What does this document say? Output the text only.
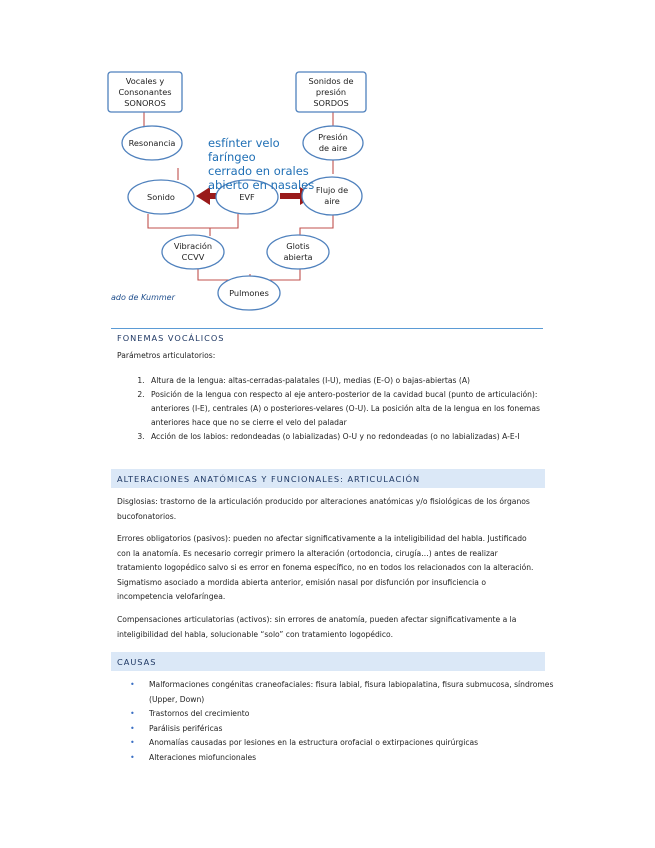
Vocales y
Consonantes
SONOROS
Sonidos de
presión
SORDOS
Resonancia
Presión
de aire
Sonido	EVF
Flujo de
aire
Vibración
CCVV
Glotis
abierta
Pulmones
esfínter velo
faríngeo
cerrado en orales
abierto en nasales
ado de Kummer
FONEMAS VOCÁLICOS
Parámetros articulatorios:
1. Altura de la lengua: altas-cerradas-palatales (I-U), medias (E-O) o bajas-abiertas (A)
2. Posición de la lengua con respecto al eje antero-posterior de la cavidad bucal (punto de articulación): anteriores (I-E), centrales (A) o posteriores-velares (O-U). La posición alta de la lengua en los fonemas anteriores hace que no se cierre el velo del paladar
3. Acción de los labios: redondeadas (o labializadas) O-U y no redondeadas (o no labializadas) A-E-I
ALTERACIONES ANATÓMICAS Y FUNCIONALES: ARTICULACIÓN
Disglosias: trastorno de la articulación producido por alteraciones anatómicas y/o fisiológicas de los órganos bucofonatorios.
Errores obligatorios (pasivos): pueden no afectar significativamente a la inteligibilidad del habla. Justificado con la anatomía. Es necesario corregir primero la alteración (ortodoncia, cirugía…) antes de realizar tratamiento logopédico salvo si es error en fonema específico, no en todos los relacionados con la alteración. Sigmatismo asociado a mordida abierta anterior, emisión nasal por disfunción por insuficiencia o incompetencia velofaríngea.
Compensaciones articulatorias (activos): sin errores de anatomía, pueden afectar significativamente a la inteligibilidad del habla, solucionable “solo” con tratamiento logopédico.
CAUSAS
• Malformaciones congénitas craneofaciales: fisura labial, fisura labiopalatina, fisura submucosa, síndromes (Upper, Down)
• Trastornos del crecimiento
• Parálisis periféricas
• Anomalías causadas por lesiones en la estructura orofacial o extirpaciones quirúrgicas
• Alteraciones miofuncionales
